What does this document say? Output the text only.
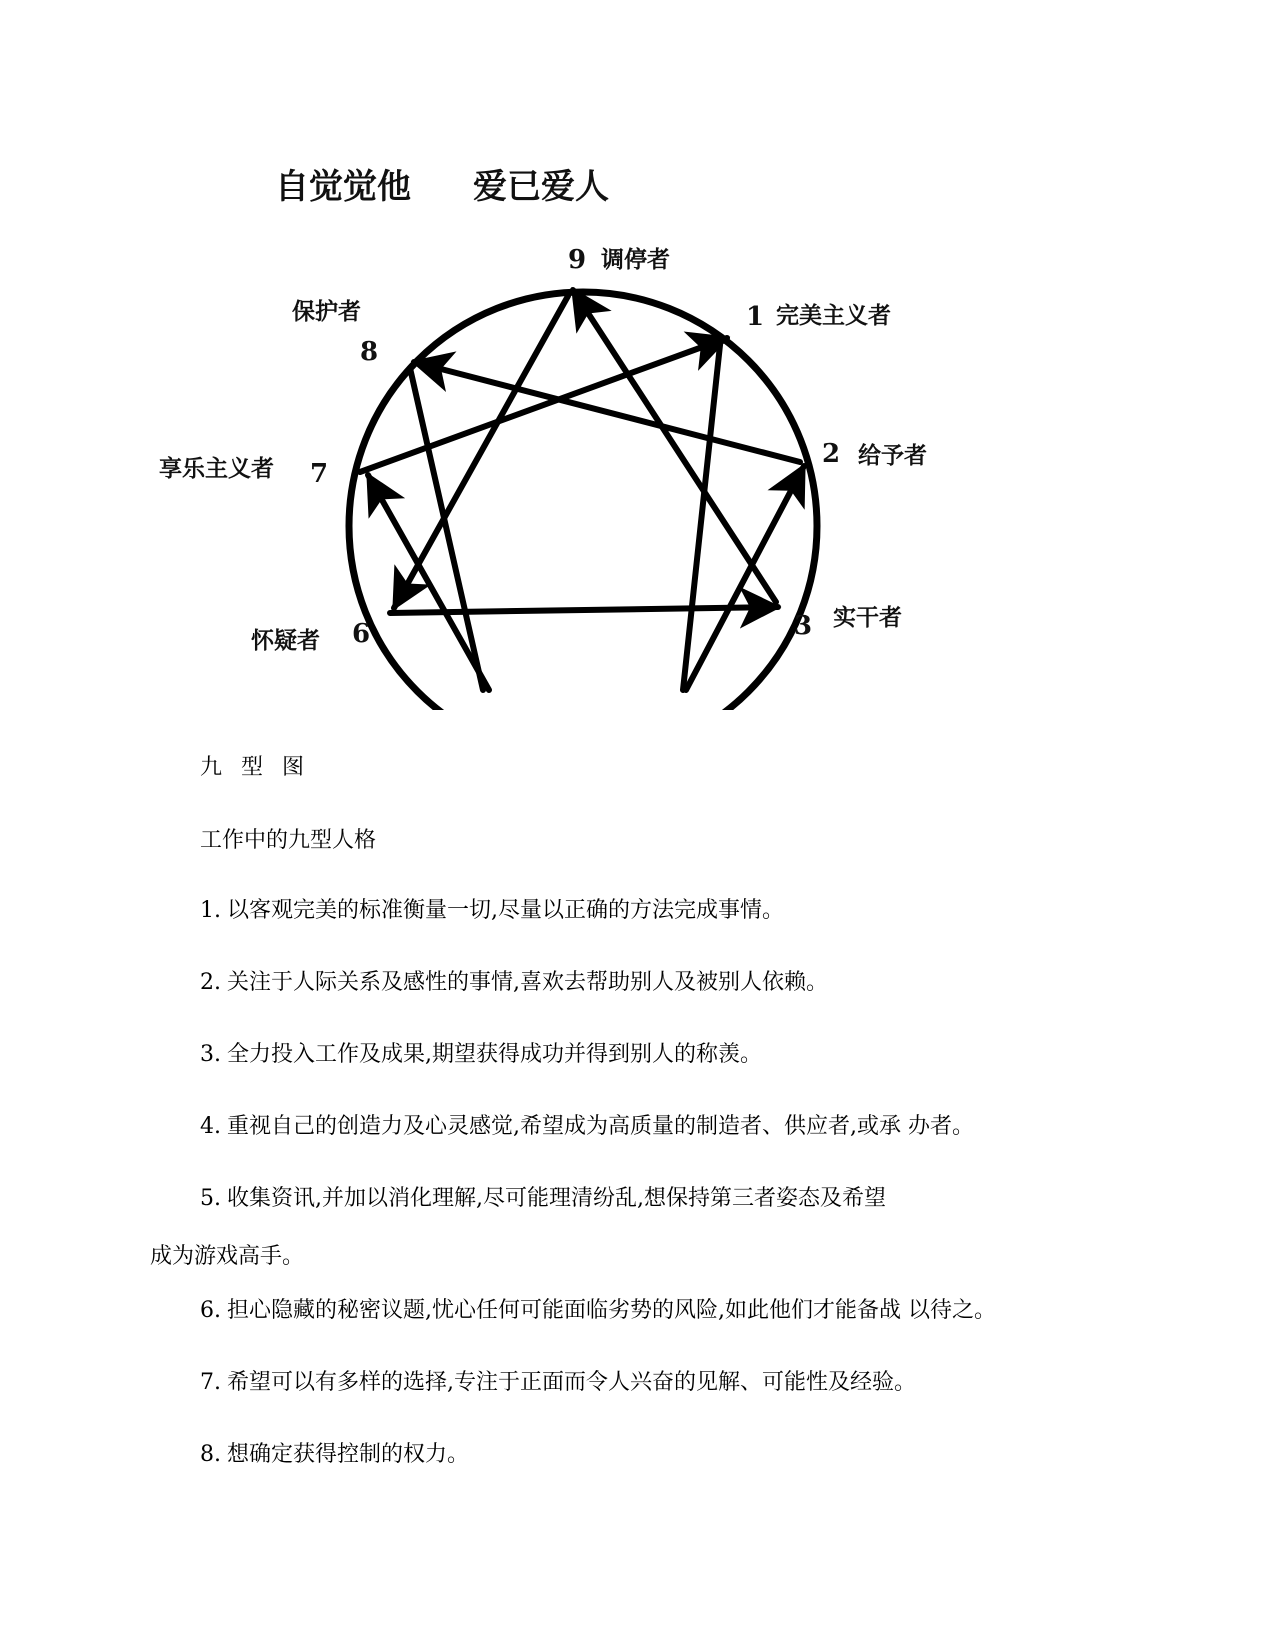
自觉觉他 爱已爱人
9 调停者
1 完美主义者
2 给予者
3 实干者
6
怀疑者
7
享乐主义者
8
保护者

九 型 图

工作中的九型人格

1. 以客观完美的标准衡量一切,尽量以正确的方法完成事情。

2. 关注于人际关系及感性的事情,喜欢去帮助别人及被别人依赖。

3. 全力投入工作及成果,期望获得成功并得到别人的称羡。

4. 重视自己的创造力及心灵感觉,希望成为高质量的制造者、供应者,或承 办者。

5. 收集资讯,并加以消化理解,尽可能理清纷乱,想保持第三者姿态及希望

成为游戏高手。

6. 担心隐藏的秘密议题,忧心任何可能面临劣势的风险,如此他们才能备战 以待之。

7. 希望可以有多样的选择,专注于正面而令人兴奋的见解、可能性及经验。

8. 想确定获得控制的权力。
